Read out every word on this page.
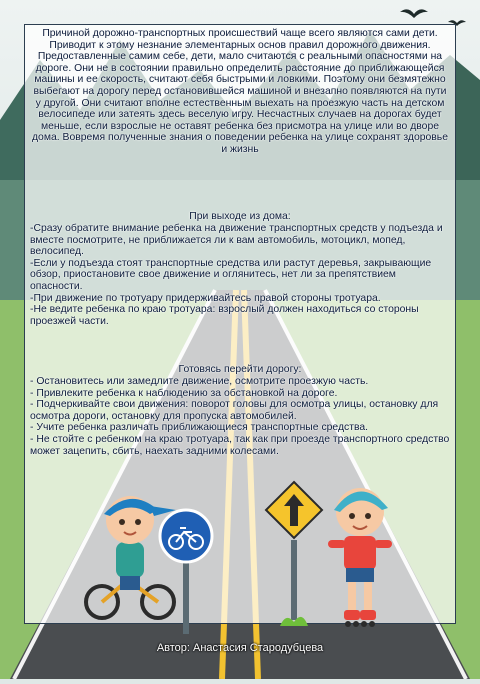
Причиной дорожно-транспортных происшествий чаще всего являются сами дети. Приводит к этому незнание элементарных основ правил дорожного движения. Предоставленные самим себе, дети, мало считаются с реальными опасностями на дороге. Они не в состоянии правильно определить расстояние до приближающейся машины и ее скорость, считают себя быстрыми и ловкими. Поэтому они безмятежно выбегают на дорогу перед остановившейся машиной и внезапно появляются на пути у другой. Они считают вполне естественным выехать на проезжую часть на детском велосипеде или затеять здесь веселую игру. Несчастных случаев на дорогах будет меньше, если взрослые не оставят ребенка без присмотра на улице или во дворе дома. Вовремя полученные знания о поведении ребенка на улице сохранят здоровье и жизнь
При выходе из дома:

-Сразу обратите внимание ребенка на движение транспортных средств у подъезда и вместе посмотрите, не приближается ли к вам автомобиль, мотоцикл, мопед, велосипед.

-Если у подъезда стоят транспортные средства или растут деревья, закрывающие обзор, приостановите свое движение и оглянитесь, нет ли за препятствием опасности.

-При движение по тротуару придерживайтесь правой стороны тротуара.

-Не ведите ребенка по краю тротуара: взрослый должен находиться со стороны проезжей части.

Готовясь перейти дорогу:

- Остановитесь или замедлите движение, осмотрите проезжую часть.

- Привлеките ребенка к наблюдению за обстановкой на дороге.

- Подчеркивайте свои движения: поворот головы для осмотра улицы, остановку для осмотра дороги, остановку для пропуска автомобилей.

- Учите ребенка различать приближающиеся транспортные средства.

- Не стойте с ребенком на краю тротуара, так как при проезде транспортного средство может зацепить, сбить, наехать задними колесами.

Автор: Анастасия Стародубцева
